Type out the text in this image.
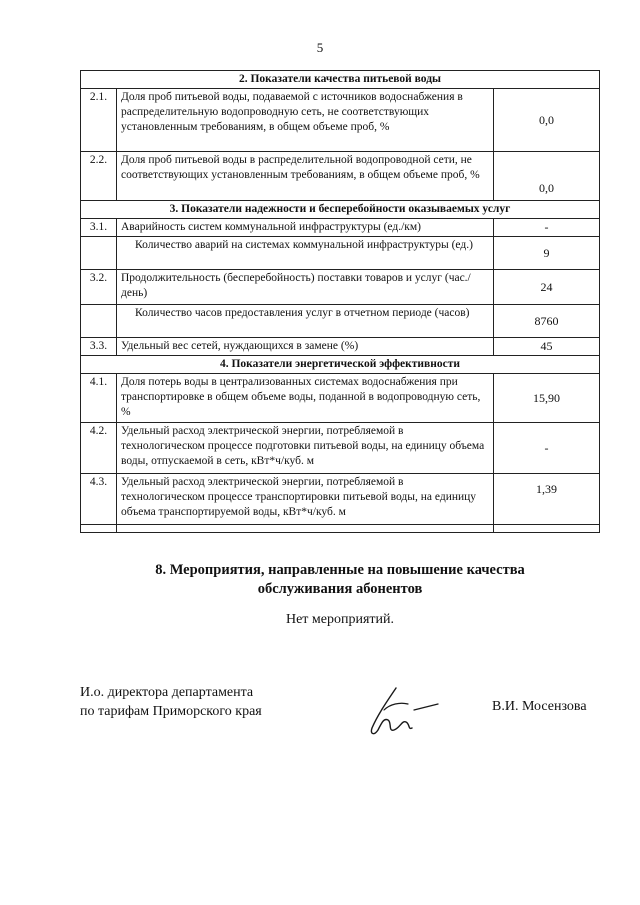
5
2. Показатели качества питьевой воды		
2.1.	Доля проб питьевой воды, подаваемой с источников водоснабжения в распределительную водопроводную сеть, не соответствующих установленным требованиям, в общем объеме проб, %	0,0
2.2.	Доля проб питьевой воды в распределительной водопроводной сети, не соответствующих установленным требованиям, в общем объеме проб, %	0,0
3. Показатели надежности и бесперебойности оказываемых услуг		
3.1.	Аварийность систем коммунальной инфраструктуры (ед./км)	-
	Количество аварий на системах коммунальной инфраструктуры (ед.)	9
3.2.	Продолжительность (бесперебойность) поставки товаров и услуг (час./день)	24
	Количество часов предоставления услуг в отчетном периоде (часов)	8760
3.3.	Удельный вес сетей, нуждающихся в замене (%)	45
4. Показатели энергетической эффективности		
4.1.	Доля потерь воды в централизованных системах водоснабжения при транспортировке в общем объеме воды, поданной в водопроводную сеть, %	15,90
4.2.	Удельный расход электрической энергии, потребляемой в технологическом процессе подготовки питьевой воды, на единицу объема воды, отпускаемой в сеть, кВт*ч/куб. м	-
4.3.	Удельный расход электрической энергии, потребляемой в технологическом процессе транспортировки питьевой воды, на единицу объема транспортируемой воды, кВт*ч/куб. м	1,39

8. Мероприятия, направленные на повышение качества
обслуживания абонентов
Нет мероприятий.
И.о. директора департамента
по тарифам Приморского края	В.И. Мосензова
